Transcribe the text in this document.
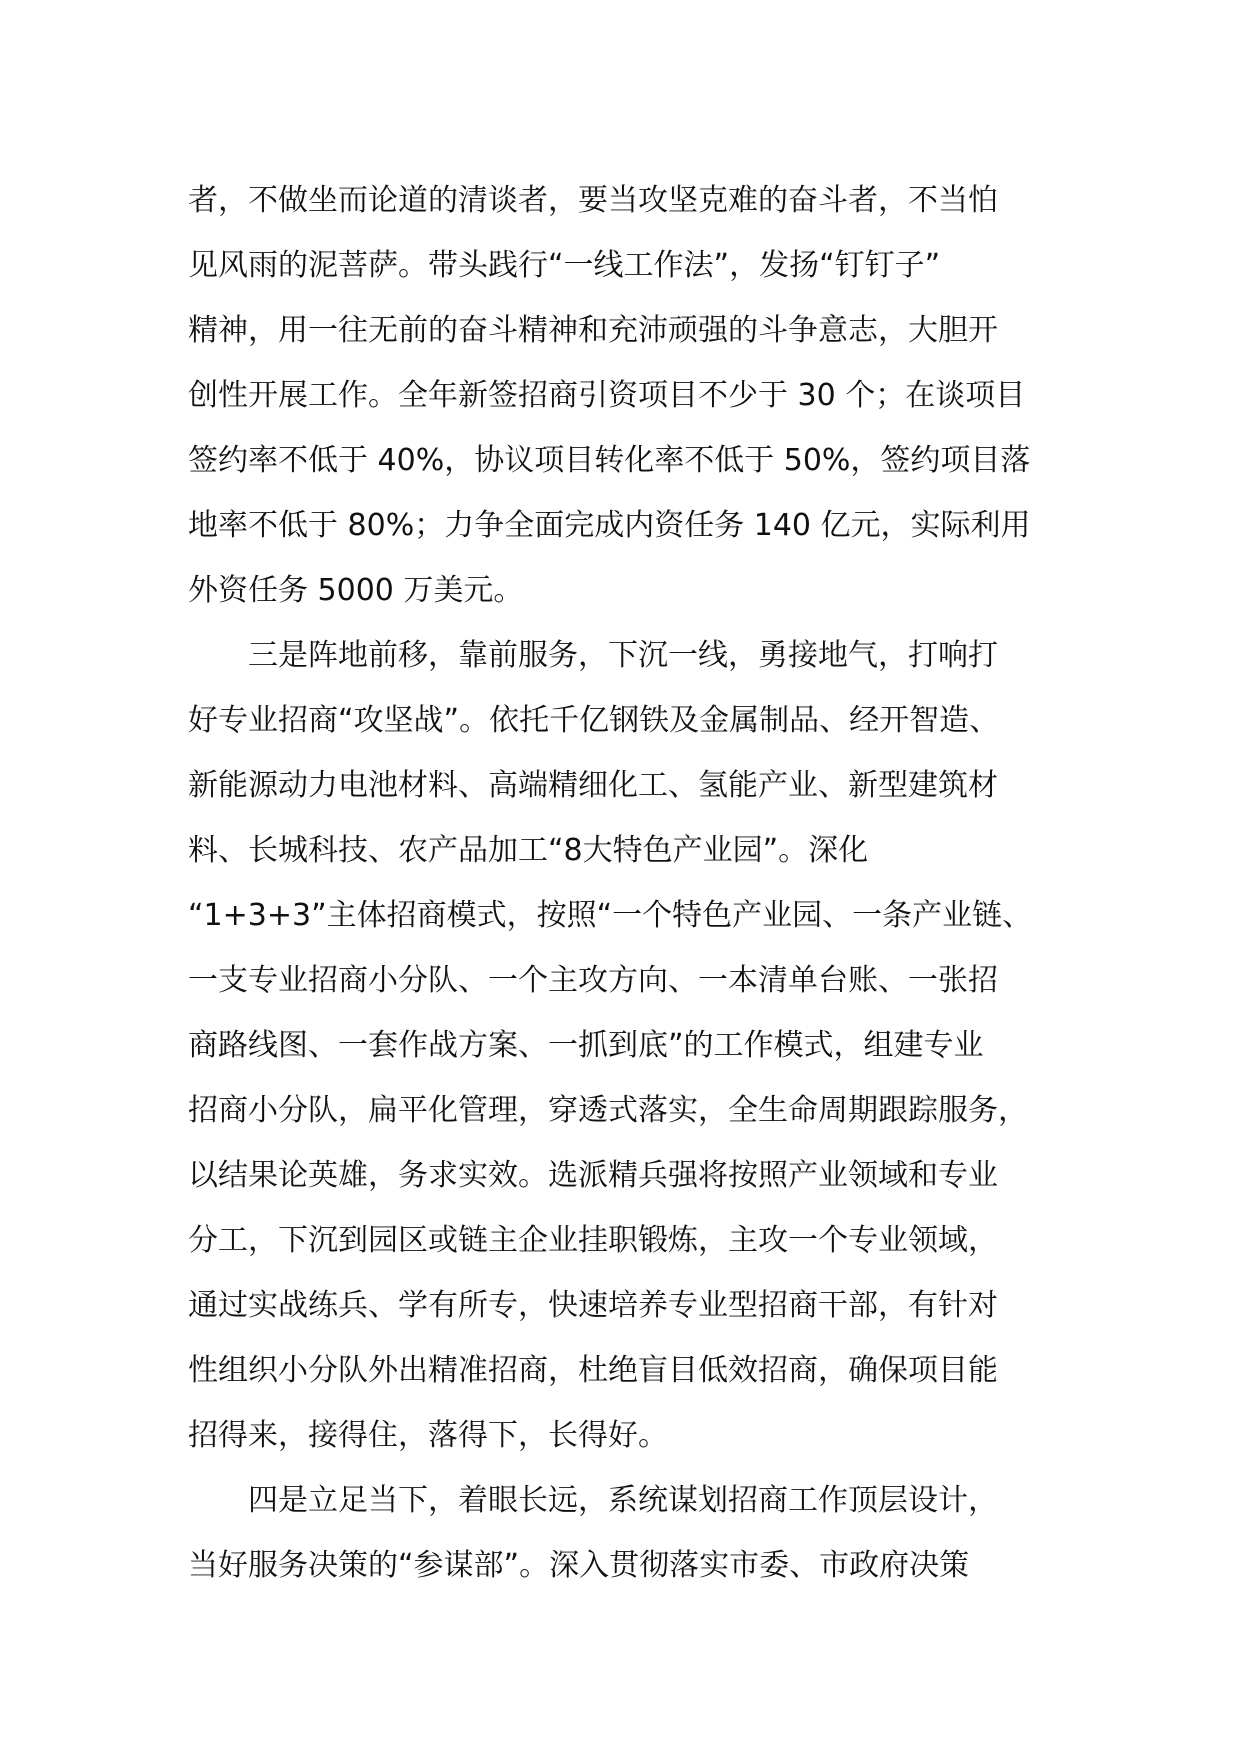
者，不做坐而论道的清谈者，要当攻坚克难的奋斗者，不当怕
见风雨的泥菩萨。带头践行“一线工作法”，发扬“钉钉子”
精神，用一往无前的奋斗精神和充沛顽强的斗争意志，大胆开
创性开展工作。全年新签招商引资项目不少于 30 个；在谈项目
签约率不低于 40%，协议项目转化率不低于 50%，签约项目落
地率不低于 80%；力争全面完成内资任务 140 亿元，实际利用
外资任务 5000 万美元。
三是阵地前移，靠前服务，下沉一线，勇接地气，打响打
好专业招商“攻坚战”。依托千亿钢铁及金属制品、经开智造、
新能源动力电池材料、高端精细化工、氢能产业、新型建筑材
料、长城科技、农产品加工“8大特色产业园”。深化
“1+3+3”主体招商模式，按照“一个特色产业园、一条产业链、
一支专业招商小分队、一个主攻方向、一本清单台账、一张招
商路线图、一套作战方案、一抓到底”的工作模式，组建专业
招商小分队，扁平化管理，穿透式落实，全生命周期跟踪服务，
以结果论英雄，务求实效。选派精兵强将按照产业领域和专业
分工，下沉到园区或链主企业挂职锻炼，主攻一个专业领域，
通过实战练兵、学有所专，快速培养专业型招商干部，有针对
性组织小分队外出精准招商，杜绝盲目低效招商，确保项目能
招得来，接得住，落得下，长得好。
四是立足当下，着眼长远，系统谋划招商工作顶层设计，
当好服务决策的“参谋部”。深入贯彻落实市委、市政府决策
